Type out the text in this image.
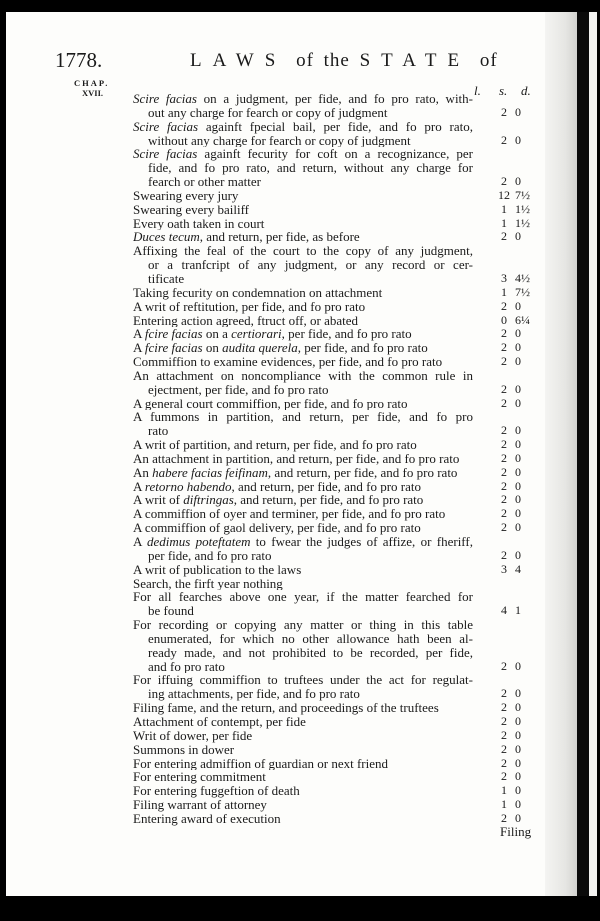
1778.	LAWS of the STATE of
CHAP.
XVII.	l. s. d.
Scire facias on a judgment, per fide, and fo pro rato, with-
out any charge for fearch or copy of judgment	2 0
Scire facias againft fpecial bail, per fide, and fo pro rato,
without any charge for fearch or copy of judgment	2 0
Scire facias againft fecurity for coft on a recognizance, per
fide, and fo pro rato, and return, without any charge for
fearch or other matter	2 0
Swearing every jury	12 7½
Swearing every bailiff	1 1½
Every oath taken in court	1 1½
Duces tecum, and return, per fide, as before	2 0
Affixing the feal of the court to the copy of any judgment,
or a tranfcript of any judgment, or any record or cer-
tificate	3 4½
Taking fecurity on condemnation on attachment	1 7½
A writ of reftitution, per fide, and fo pro rato	2 0
Entering action agreed, ftruct off, or abated	0 6¼
A fcire facias on a certiorari, per fide, and fo pro rato	2 0
A fcire facias on audita querela, per fide, and fo pro rato	2 0
Commiffion to examine evidences, per fide, and fo pro rato	2 0
An attachment on noncompliance with the common rule in
ejectment, per fide, and fo pro rato	2 0
A general court commiffion, per fide, and fo pro rato	2 0
A fummons in partition, and return, per fide, and fo pro
rato	2 0
A writ of partition, and return, per fide, and fo pro rato	2 0
An attachment in partition, and return, per fide, and fo pro rato	2 0
An habere facias feifinam, and return, per fide, and fo pro rato	2 0
A retorno habendo, and return, per fide, and fo pro rato	2 0
A writ of diftringas, and return, per fide, and fo pro rato	2 0
A commiffion of oyer and terminer, per fide, and fo pro rato	2 0
A commiffion of gaol delivery, per fide, and fo pro rato	2 0
A dedimus poteftatem to fwear the judges of affize, or fheriff,
per fide, and fo pro rato	2 0
A writ of publication to the laws	3 4
Search, the firft year nothing
For all fearches above one year, if the matter fearched for
be found	4 1
For recording or copying any matter or thing in this table
enumerated, for which no other allowance hath been al-
ready made, and not prohibited to be recorded, per fide,
and fo pro rato	2 0
For iffuing commiffion to truftees under the act for regulat-
ing attachments, per fide, and fo pro rato	2 0
Filing fame, and the return, and proceedings of the truftees	2 0
Attachment of contempt, per fide	2 0
Writ of dower, per fide	2 0
Summons in dower	2 0
For entering admiffion of guardian or next friend	2 0
For entering commitment	2 0
For entering fuggeftion of death	1 0
Filing warrant of attorney	1 0
Entering award of execution	2 0
Filing
